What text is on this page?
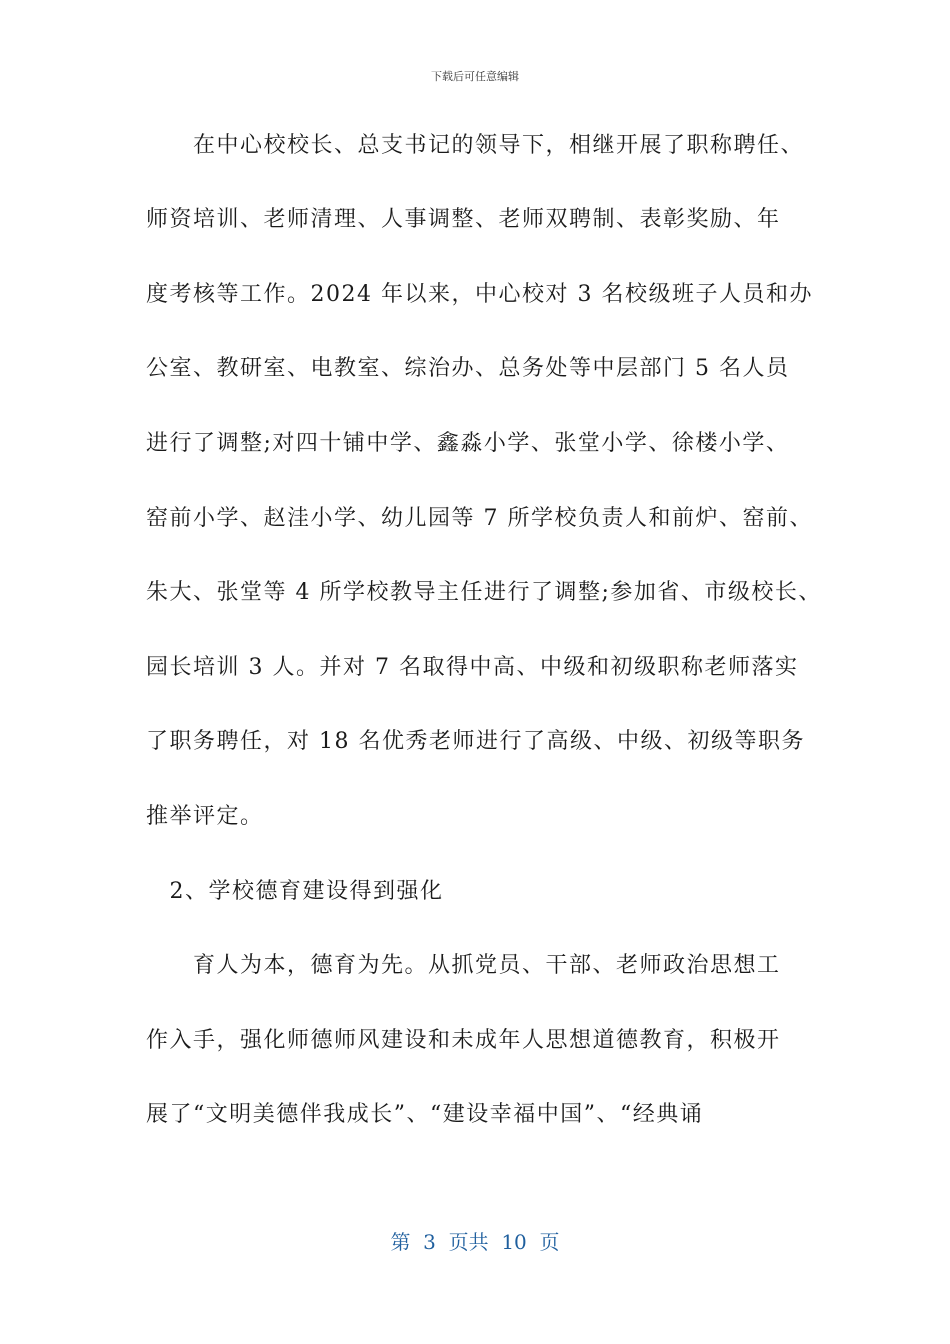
下载后可任意编辑
　　在中心校校长、总支书记的领导下，相继开展了职称聘任、
师资培训、老师清理、人事调整、老师双聘制、表彰奖励、年
度考核等工作。2024 年以来，中心校对 3 名校级班子人员和办
公室、教研室、电教室、综治办、总务处等中层部门 5 名人员
进行了调整;对四十铺中学、鑫淼小学、张堂小学、徐楼小学、
窑前小学、赵洼小学、幼儿园等 7 所学校负责人和前炉、窑前、
朱大、张堂等 4 所学校教导主任进行了调整;参加省、市级校长、
园长培训 3 人。并对 7 名取得中高、中级和初级职称老师落实
了职务聘任，对 18 名优秀老师进行了高级、中级、初级等职务
推举评定。
　2、学校德育建设得到强化
　　育人为本，德育为先。从抓党员、干部、老师政治思想工
作入手，强化师德师风建设和未成年人思想道德教育，积极开
展了“文明美德伴我成长”、“建设幸福中国”、“经典诵
第  3  页共  10  页
